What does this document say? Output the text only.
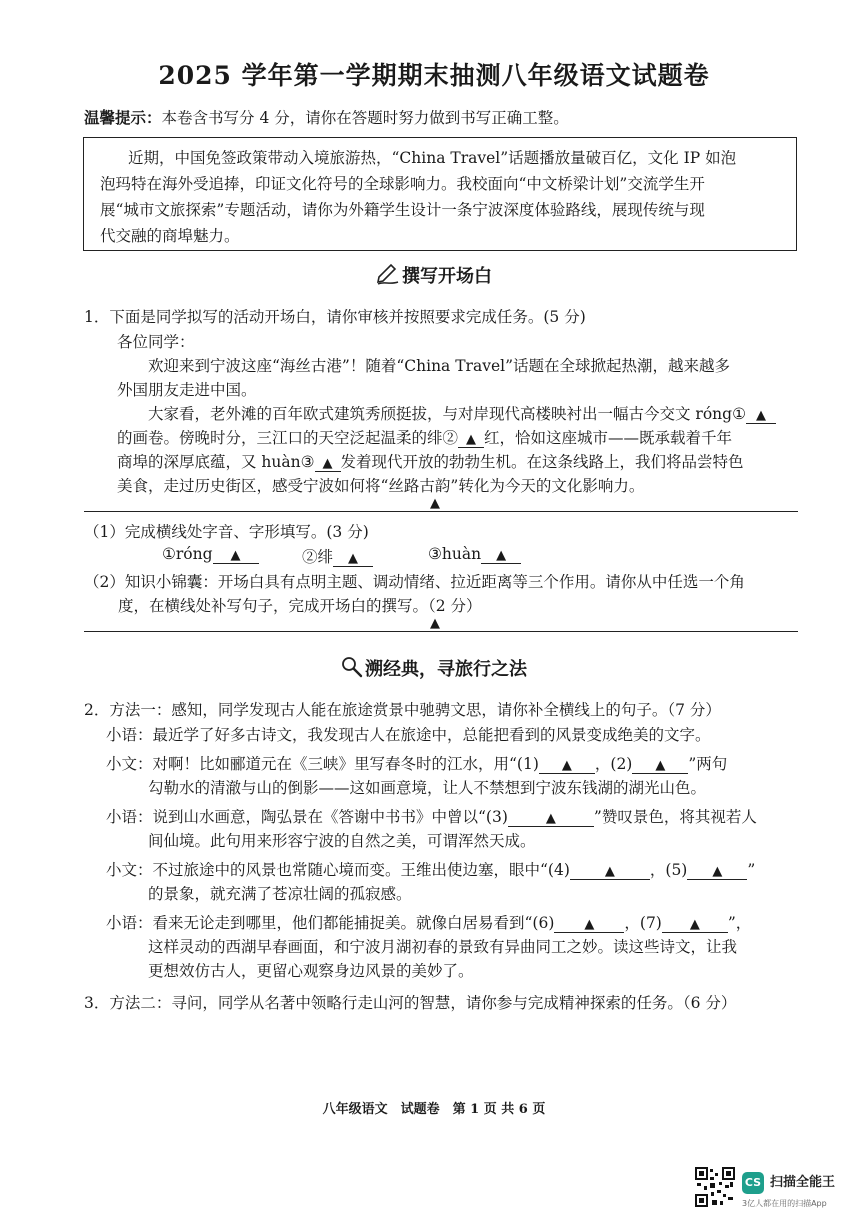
2025 学年第一学期期末抽测八年级语文试题卷
温馨提示：本卷含书写分 4 分，请你在答题时努力做到书写正确工整。
近期，中国免签政策带动入境旅游热，“China Travel”话题播放量破百亿，文化 IP 如泡
泡玛特在海外受追捧，印证文化符号的全球影响力。我校面向“中文桥梁计划”交流学生开
展“城市文旅探索”专题活动，请你为外籍学生设计一条宁波深度体验路线，展现传统与现
代交融的商埠魅力。
撰写开场白
1．下面是同学拟写的活动开场白，请你审核并按照要求完成任务。(5 分)
各位同学：
欢迎来到宁波这座“海丝古港”！随着“China Travel”话题在全球掀起热潮，越来越多
外国朋友走进中国。
大家看，老外滩的百年欧式建筑秀颀挺拔，与对岸现代高楼映衬出一幅古今交文 róng① ▲
的画卷。傍晚时分，三江口的天空泛起温柔的绯② ▲ 红，恰如这座城市——既承载着千年
商埠的深厚底蕴，又 huàn③ ▲ 发着现代开放的勃勃生机。在这条线路上，我们将品尝特色
美食，走过历史街区，感受宁波如何将“丝路古韵”转化为今天的文化影响力。
▲
（1）完成横线处字音、字形填写。(3 分)
①róng ▲	②绯 ▲	③huàn ▲
（2）知识小锦囊：开场白具有点明主题、调动情绪、拉近距离等三个作用。请你从中任选一个角
度，在横线处补写句子，完成开场白的撰写。（2 分）
▲
溯经典，寻旅行之法
2．方法一：感知，同学发现古人能在旅途赏景中驰骋文思，请你补全横线上的句子。（7 分）
小语：最近学了好多古诗文，我发现古人在旅途中，总能把看到的风景变成绝美的文字。
小文：对啊！比如郦道元在《三峡》里写春冬时的江水，用“(1) ▲ ，(2) ▲ ”两句
勾勒水的清澈与山的倒影——这如画意境，让人不禁想到宁波东钱湖的湖光山色。
小语：说到山水画意，陶弘景在《答谢中书书》中曾以“(3)	▲ ”赞叹景色，将其视若人
间仙境。此句用来形容宁波的自然之美，可谓浑然天成。
小文：不过旅途中的风景也常随心境而变。王维出使边塞，眼中“(4)	▲ ，(5) ▲ ”
的景象，就充满了苍凉壮阔的孤寂感。
小语：看来无论走到哪里，他们都能捕捉美。就像白居易看到“(6) ▲ ，(7) ▲ ”，
这样灵动的西湖早春画面，和宁波月湖初春的景致有异曲同工之妙。读这些诗文，让我
更想效仿古人，更留心观察身边风景的美妙了。
3．方法二：寻问，同学从名著中领略行走山河的智慧，请你参与完成精神探索的任务。（6 分）
八年级语文　试题卷　第 1 页 共 6 页
CS 扫描全能王
3亿人都在用的扫描App
